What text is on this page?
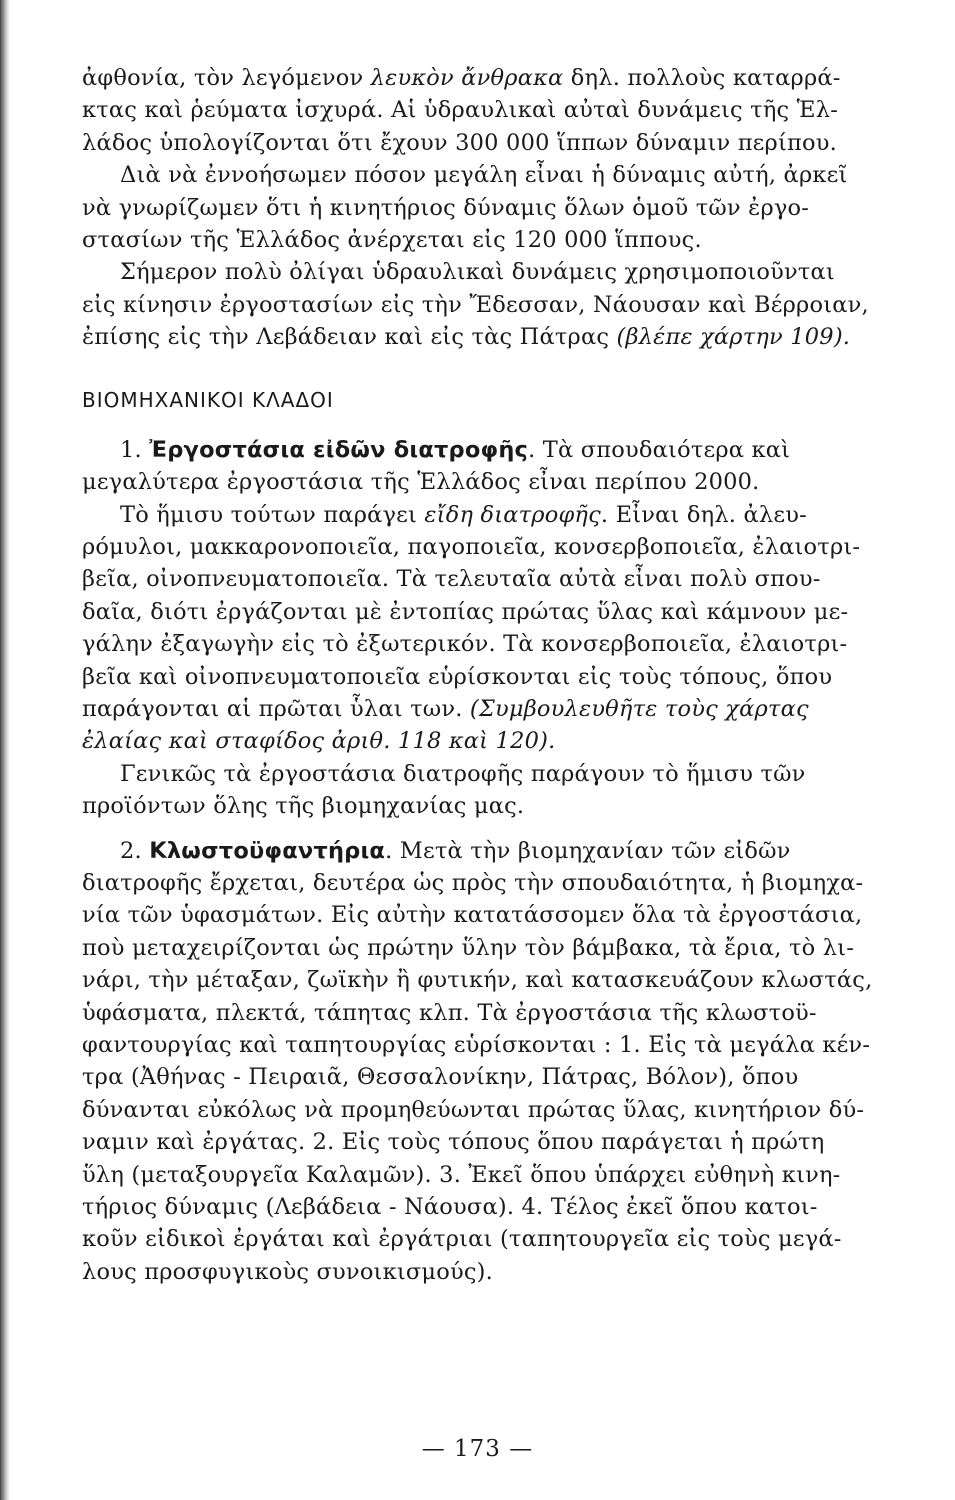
ἀφθονία, τὸν λεγόμενον λευκὸν ἄνθρακα δηλ. πολλοὺς καταρρά-
κτας καὶ ῥεύματα ἰσχυρά. Αἱ ὑδραυλικαὶ αὐταὶ δυνάμεις τῆς Ἑλ-
λάδος ὑπολογίζονται ὅτι ἔχουν 300 000 ἵππων δύναμιν περίπου.
Διὰ νὰ ἐννοήσωμεν πόσον μεγάλη εἶναι ἡ δύναμις αὐτή, ἀρκεῖ
νὰ γνωρίζωμεν ὅτι ἡ κινητήριος δύναμις ὅλων ὁμοῦ τῶν ἐργο-
στασίων τῆς Ἑλλάδος ἀνέρχεται εἰς 120 000 ἵππους.
Σήμερον πολὺ ὀλίγαι ὑδραυλικαὶ δυνάμεις χρησιμοποιοῦνται
εἰς κίνησιν ἐργοστασίων εἰς τὴν Ἔδεσσαν, Νάουσαν καὶ Βέρροιαν,
ἐπίσης εἰς τὴν Λεβάδειαν καὶ εἰς τὰς Πάτρας (βλέπε χάρτην 109).
ΒΙΟΜΗΧΑΝΙΚΟΙ ΚΛΑΔΟΙ
1. Ἐργοστάσια εἰδῶν διατροφῆς. Τὰ σπουδαιότερα καὶ
μεγαλύτερα ἐργοστάσια τῆς Ἑλλάδος εἶναι περίπου 2000.
Τὸ ἥμισυ τούτων παράγει εἴδη διατροφῆς. Εἶναι δηλ. ἀλευ-
ρόμυλοι, μακκαρονοποιεῖα, παγοποιεῖα, κονσερβοποιεῖα, ἐλαιοτρι-
βεῖα, οἰνοπνευματοποιεῖα. Τὰ τελευταῖα αὐτὰ εἶναι πολὺ σπου-
δαῖα, διότι ἐργάζονται μὲ ἐντοπίας πρώτας ὕλας καὶ κάμνουν με-
γάλην ἐξαγωγὴν εἰς τὸ ἐξωτερικόν. Τὰ κονσερβοποιεῖα, ἐλαιοτρι-
βεῖα καὶ οἰνοπνευματοποιεῖα εὑρίσκονται εἰς τοὺς τόπους, ὅπου
παράγονται αἱ πρῶται ὗλαι των. (Συμβουλευθῆτε τοὺς χάρτας
ἐλαίας καὶ σταφίδος ἀριθ. 118 καὶ 120).
Γενικῶς τὰ ἐργοστάσια διατροφῆς παράγουν τὸ ἥμισυ τῶν
προϊόντων ὅλης τῆς βιομηχανίας μας.
2. Κλωστοϋφαντήρια. Μετὰ τὴν βιομηχανίαν τῶν εἰδῶν
διατροφῆς ἔρχεται, δευτέρα ὡς πρὸς τὴν σπουδαιότητα, ἡ βιομηχα-
νία τῶν ὑφασμάτων. Εἰς αὐτὴν κατατάσσομεν ὅλα τὰ ἐργοστάσια,
ποὺ μεταχειρίζονται ὡς πρώτην ὕλην τὸν βάμβακα, τὰ ἔρια, τὸ λι-
νάρι, τὴν μέταξαν, ζωϊκὴν ἢ φυτικήν, καὶ κατασκευάζουν κλωστάς,
ὑφάσματα, πλεκτά, τάπητας κλπ. Τὰ ἐργοστάσια τῆς κλωστοϋ-
φαντουργίας καὶ ταπητουργίας εὑρίσκονται : 1. Εἰς τὰ μεγάλα κέν-
τρα (Ἀθήνας - Πειραιᾶ, Θεσσαλονίκην, Πάτρας, Βόλον), ὅπου
δύνανται εὐκόλως νὰ προμηθεύωνται πρώτας ὕλας, κινητήριον δύ-
ναμιν καὶ ἐργάτας. 2. Εἰς τοὺς τόπους ὅπου παράγεται ἡ πρώτη
ὕλη (μεταξουργεῖα Καλαμῶν). 3. Ἐκεῖ ὅπου ὑπάρχει εὐθηνὴ κινη-
τήριος δύναμις (Λεβάδεια - Νάουσα). 4. Τέλος ἐκεῖ ὅπου κατοι-
κοῦν εἰδικοὶ ἐργάται καὶ ἐργάτριαι (ταπητουργεῖα εἰς τοὺς μεγά-
λους προσφυγικοὺς συνοικισμούς).
— 173 —
